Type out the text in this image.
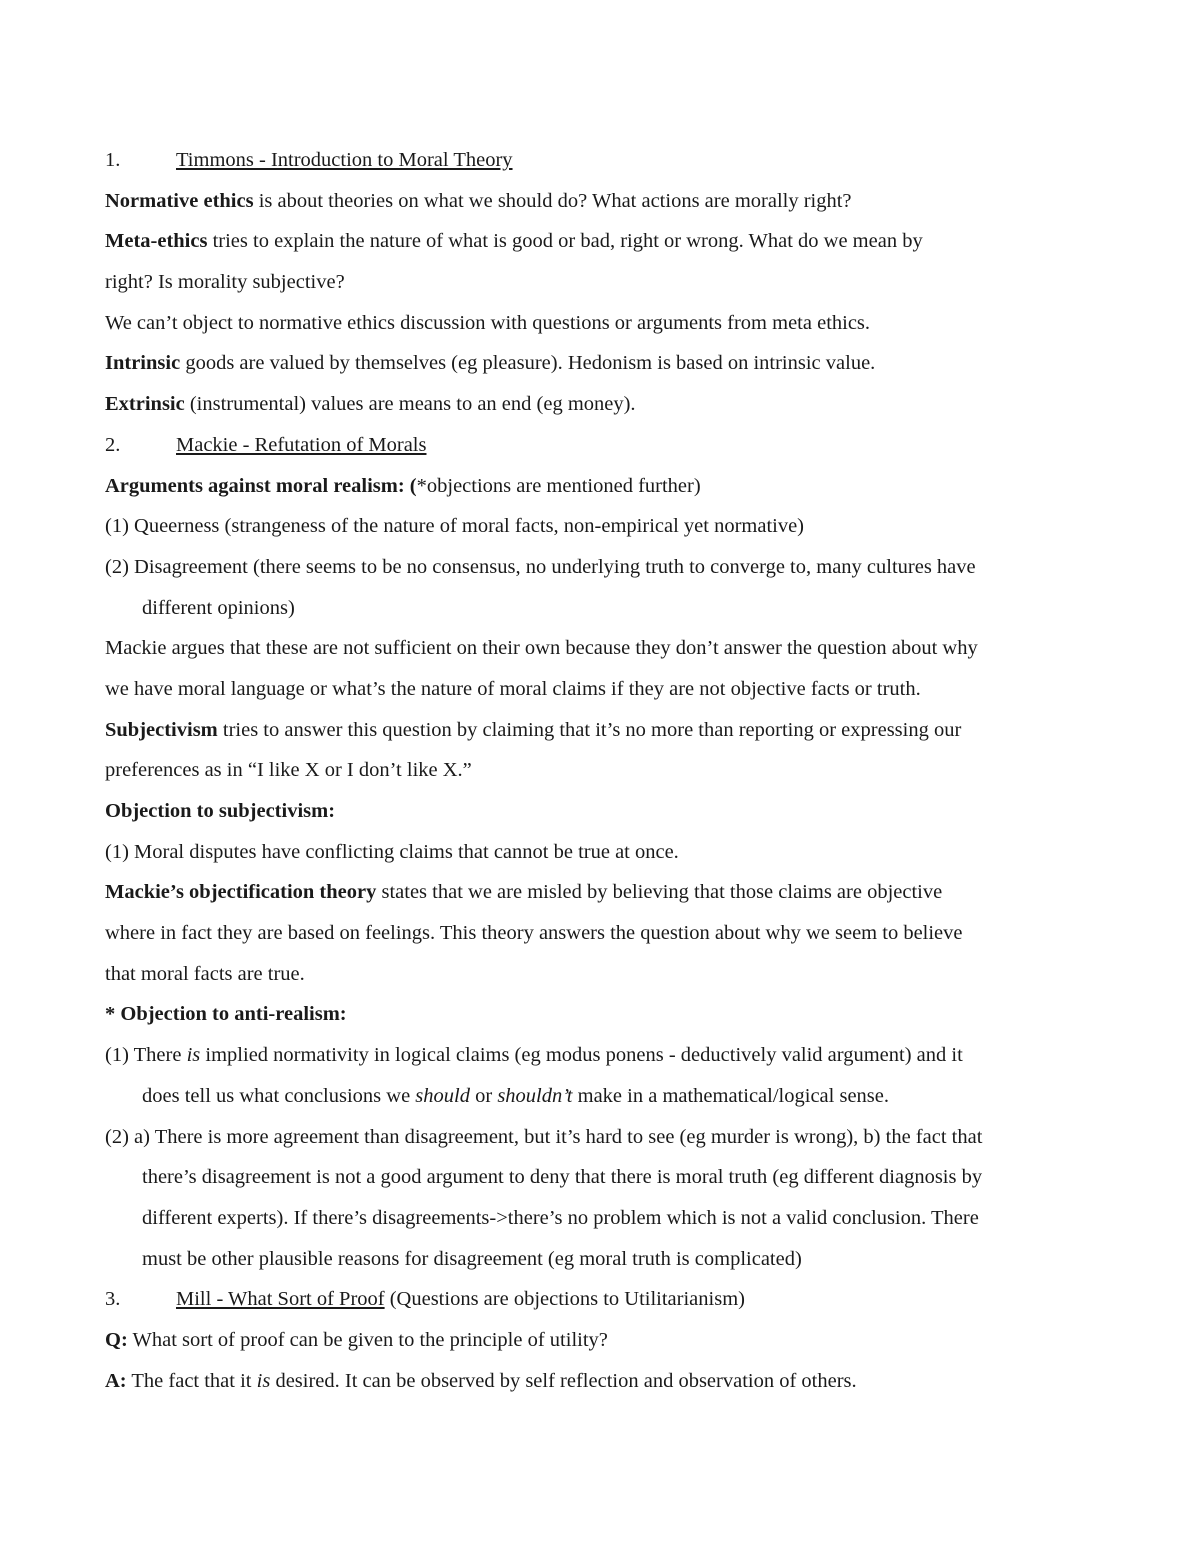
1.	Timmons - Introduction to Moral Theory
Normative ethics is about theories on what we should do? What actions are morally right?
Meta-ethics tries to explain the nature of what is good or bad, right or wrong. What do we mean by
right? Is morality subjective?
We can’t object to normative ethics discussion with questions or arguments from meta ethics.
Intrinsic goods are valued by themselves (eg pleasure). Hedonism is based on intrinsic value.
Extrinsic (instrumental) values are means to an end (eg money).
2.	Mackie - Refutation of Morals
Arguments against moral realism: (*objections are mentioned further)
(1) Queerness (strangeness of the nature of moral facts, non-empirical yet normative)
(2) Disagreement (there seems to be no consensus, no underlying truth to converge to, many cultures have
different opinions)
Mackie argues that these are not sufficient on their own because they don’t answer the question about why
we have moral language or what’s the nature of moral claims if they are not objective facts or truth.
Subjectivism tries to answer this question by claiming that it’s no more than reporting or expressing our
preferences as in “I like X or I don’t like X.”
Objection to subjectivism:
(1) Moral disputes have conflicting claims that cannot be true at once.
Mackie’s objectification theory states that we are misled by believing that those claims are objective
where in fact they are based on feelings. This theory answers the question about why we seem to believe
that moral facts are true.
* Objection to anti-realism:
(1) There is implied normativity in logical claims (eg modus ponens - deductively valid argument) and it
does tell us what conclusions we should or shouldn’t make in a mathematical/logical sense.
(2) a) There is more agreement than disagreement, but it’s hard to see (eg murder is wrong), b) the fact that
there’s disagreement is not a good argument to deny that there is moral truth (eg different diagnosis by
different experts). If there’s disagreements->there’s no problem which is not a valid conclusion. There
must be other plausible reasons for disagreement (eg moral truth is complicated)
3.	Mill - What Sort of Proof (Questions are objections to Utilitarianism)
Q: What sort of proof can be given to the principle of utility?
A: The fact that it is desired. It can be observed by self reflection and observation of others.
